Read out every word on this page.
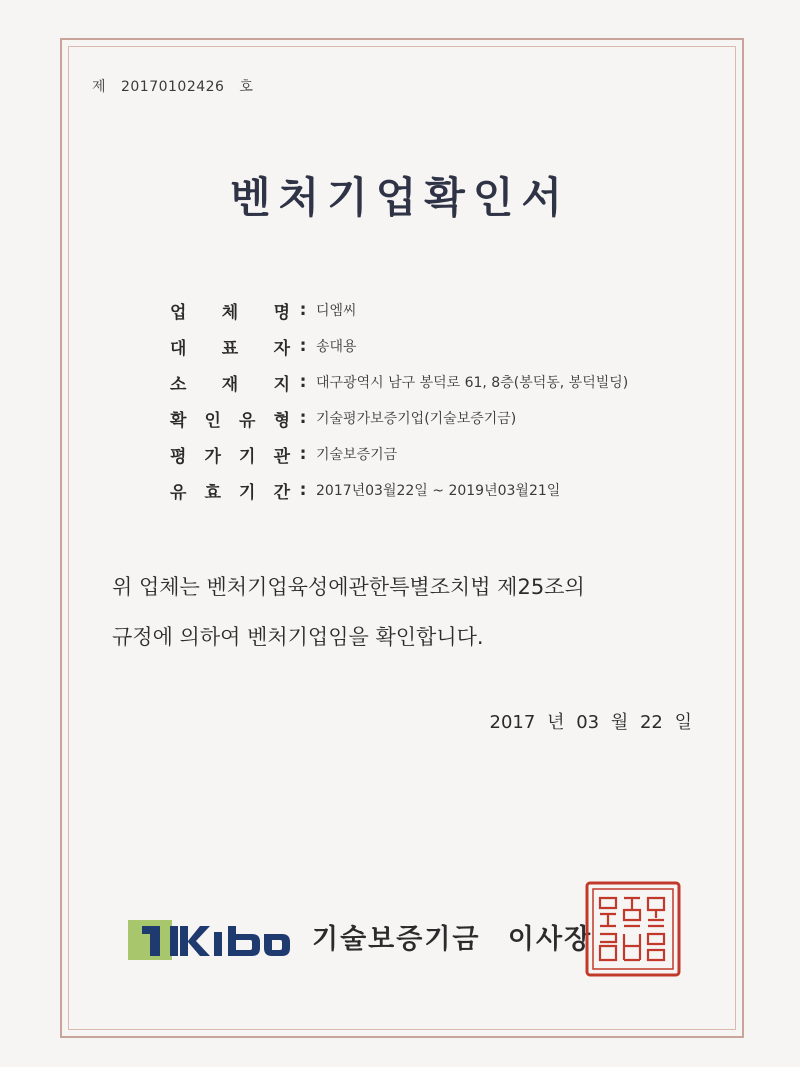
제 20170102426 호
벤처기업확인서
업 체 명 : 디엠씨
대 표 자 : 송대용
소 재 지 : 대구광역시 남구 봉덕로 61, 8층(봉덕동, 봉덕빌딩)
확 인 유 형 : 기술평가보증기업(기술보증기금)
평 가 기 관 : 기술보증기금
유 효 기 간 : 2017년03월22일 ~ 2019년03월21일
위 업체는 벤처기업육성에관한특별조치법 제25조의
규정에 의하여 벤처기업임을 확인합니다.
2017 년 03 월 22 일
KIBO
기술보증기금 이사장
